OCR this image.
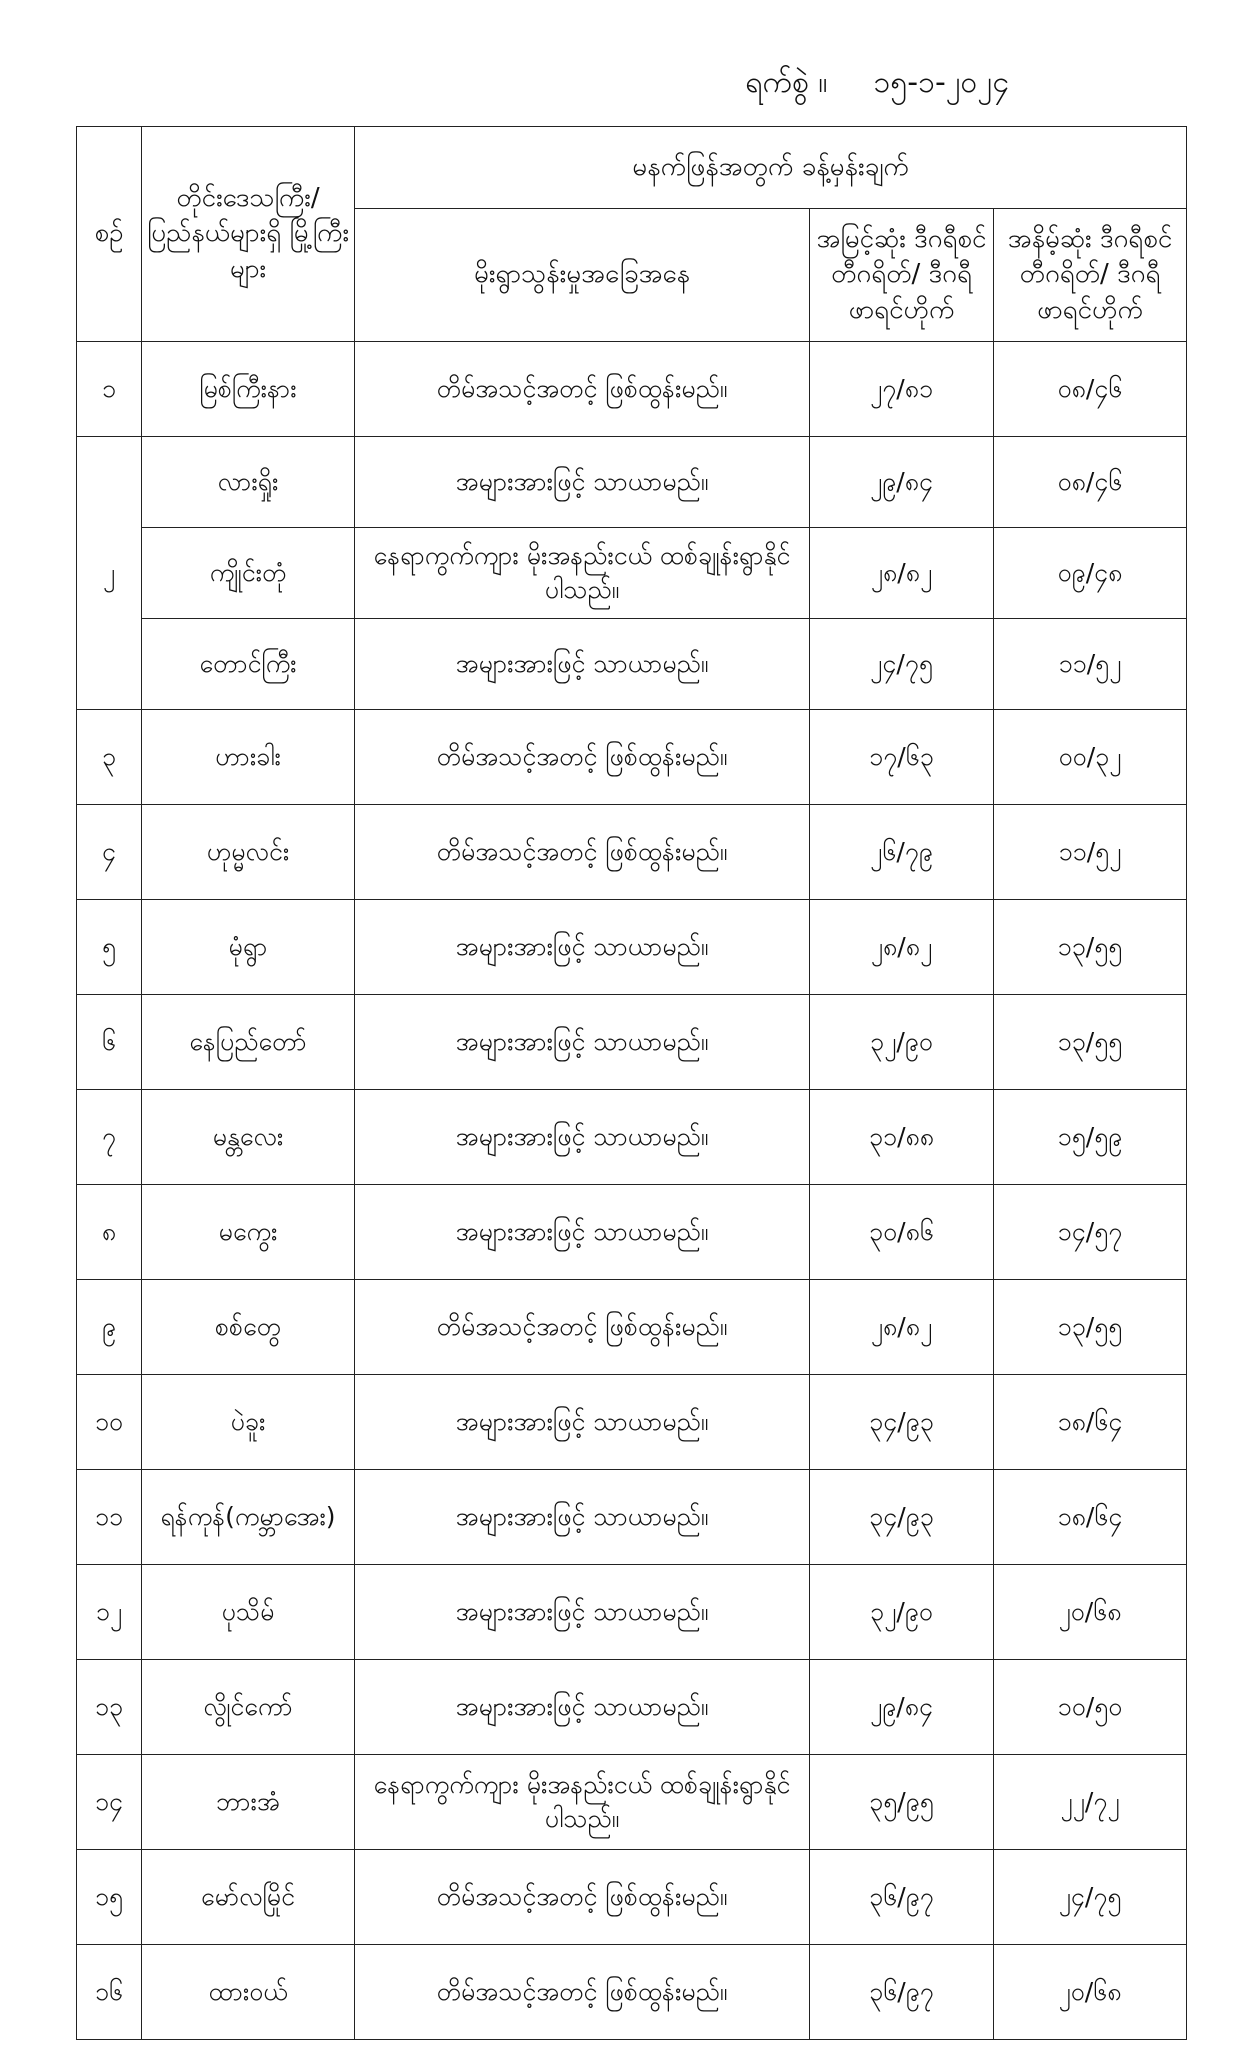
ရက်စွဲ ။ ၁၅-၁-၂၀၂၄
စဉ်	တိုင်းဒေသကြီး/ ပြည်နယ်များရှိ မြို့ကြီးများ	မနက်ဖြန်အတွက် ခန့်မှန်းချက်		
		မိုးရွာသွန်းမှုအခြေအနေ	အမြင့်ဆုံး ဒီဂရီစင်တီဂရိတ်/ ဒီဂရီဖာရင်ဟိုက်	အနိမ့်ဆုံး ဒီဂရီစင်တီဂရိတ်/ ဒီဂရီဖာရင်ဟိုက်
၁	မြစ်ကြီးနား	တိမ်အသင့်အတင့် ဖြစ်ထွန်းမည်။	၂၇/၈၁	၀၈/၄၆
၂	လားရှိုး	အများအားဖြင့် သာယာမည်။	၂၉/၈၄	၀၈/၄၆
	ကျိုင်းတုံ	နေရာကွက်ကျား မိုးအနည်းငယ် ထစ်ချုန်းရွာနိုင်ပါသည်။	၂၈/၈၂	၀၉/၄၈
	တောင်ကြီး	အများအားဖြင့် သာယာမည်။	၂၄/၇၅	၁၁/၅၂
၃	ဟားခါး	တိမ်အသင့်အတင့် ဖြစ်ထွန်းမည်။	၁၇/၆၃	၀၀/၃၂
၄	ဟုမ္မလင်း	တိမ်အသင့်အတင့် ဖြစ်ထွန်းမည်။	၂၆/၇၉	၁၁/၅၂
၅	မုံရွာ	အများအားဖြင့် သာယာမည်။	၂၈/၈၂	၁၃/၅၅
၆	နေပြည်တော်	အများအားဖြင့် သာယာမည်။	၃၂/၉၀	၁၃/၅၅
၇	မန္တလေး	အများအားဖြင့် သာယာမည်။	၃၁/၈၈	၁၅/၅၉
၈	မကွေး	အများအားဖြင့် သာယာမည်။	၃၀/၈၆	၁၄/၅၇
၉	စစ်တွေ	တိမ်အသင့်အတင့် ဖြစ်ထွန်းမည်။	၂၈/၈၂	၁၃/၅၅
၁၀	ပဲခူး	အများအားဖြင့် သာယာမည်။	၃၄/၉၃	၁၈/၆၄
၁၁	ရန်ကုန်(ကမ္ဘာအေး)	အများအားဖြင့် သာယာမည်။	၃၄/၉၃	၁၈/၆၄
၁၂	ပုသိမ်	အများအားဖြင့် သာယာမည်။	၃၂/၉၀	၂၀/၆၈
၁၃	လွိုင်ကော်	အများအားဖြင့် သာယာမည်။	၂၉/၈၄	၁၀/၅၀
၁၄	ဘားအံ	နေရာကွက်ကျား မိုးအနည်းငယ် ထစ်ချုန်းရွာနိုင်ပါသည်။	၃၅/၉၅	၂၂/၇၂
၁၅	မော်လမြိုင်	တိမ်အသင့်အတင့် ဖြစ်ထွန်းမည်။	၃၆/၉၇	၂၄/၇၅
၁၆	ထားဝယ်	တိမ်အသင့်အတင့် ဖြစ်ထွန်းမည်။	၃၆/၉၇	၂၀/၆၈
